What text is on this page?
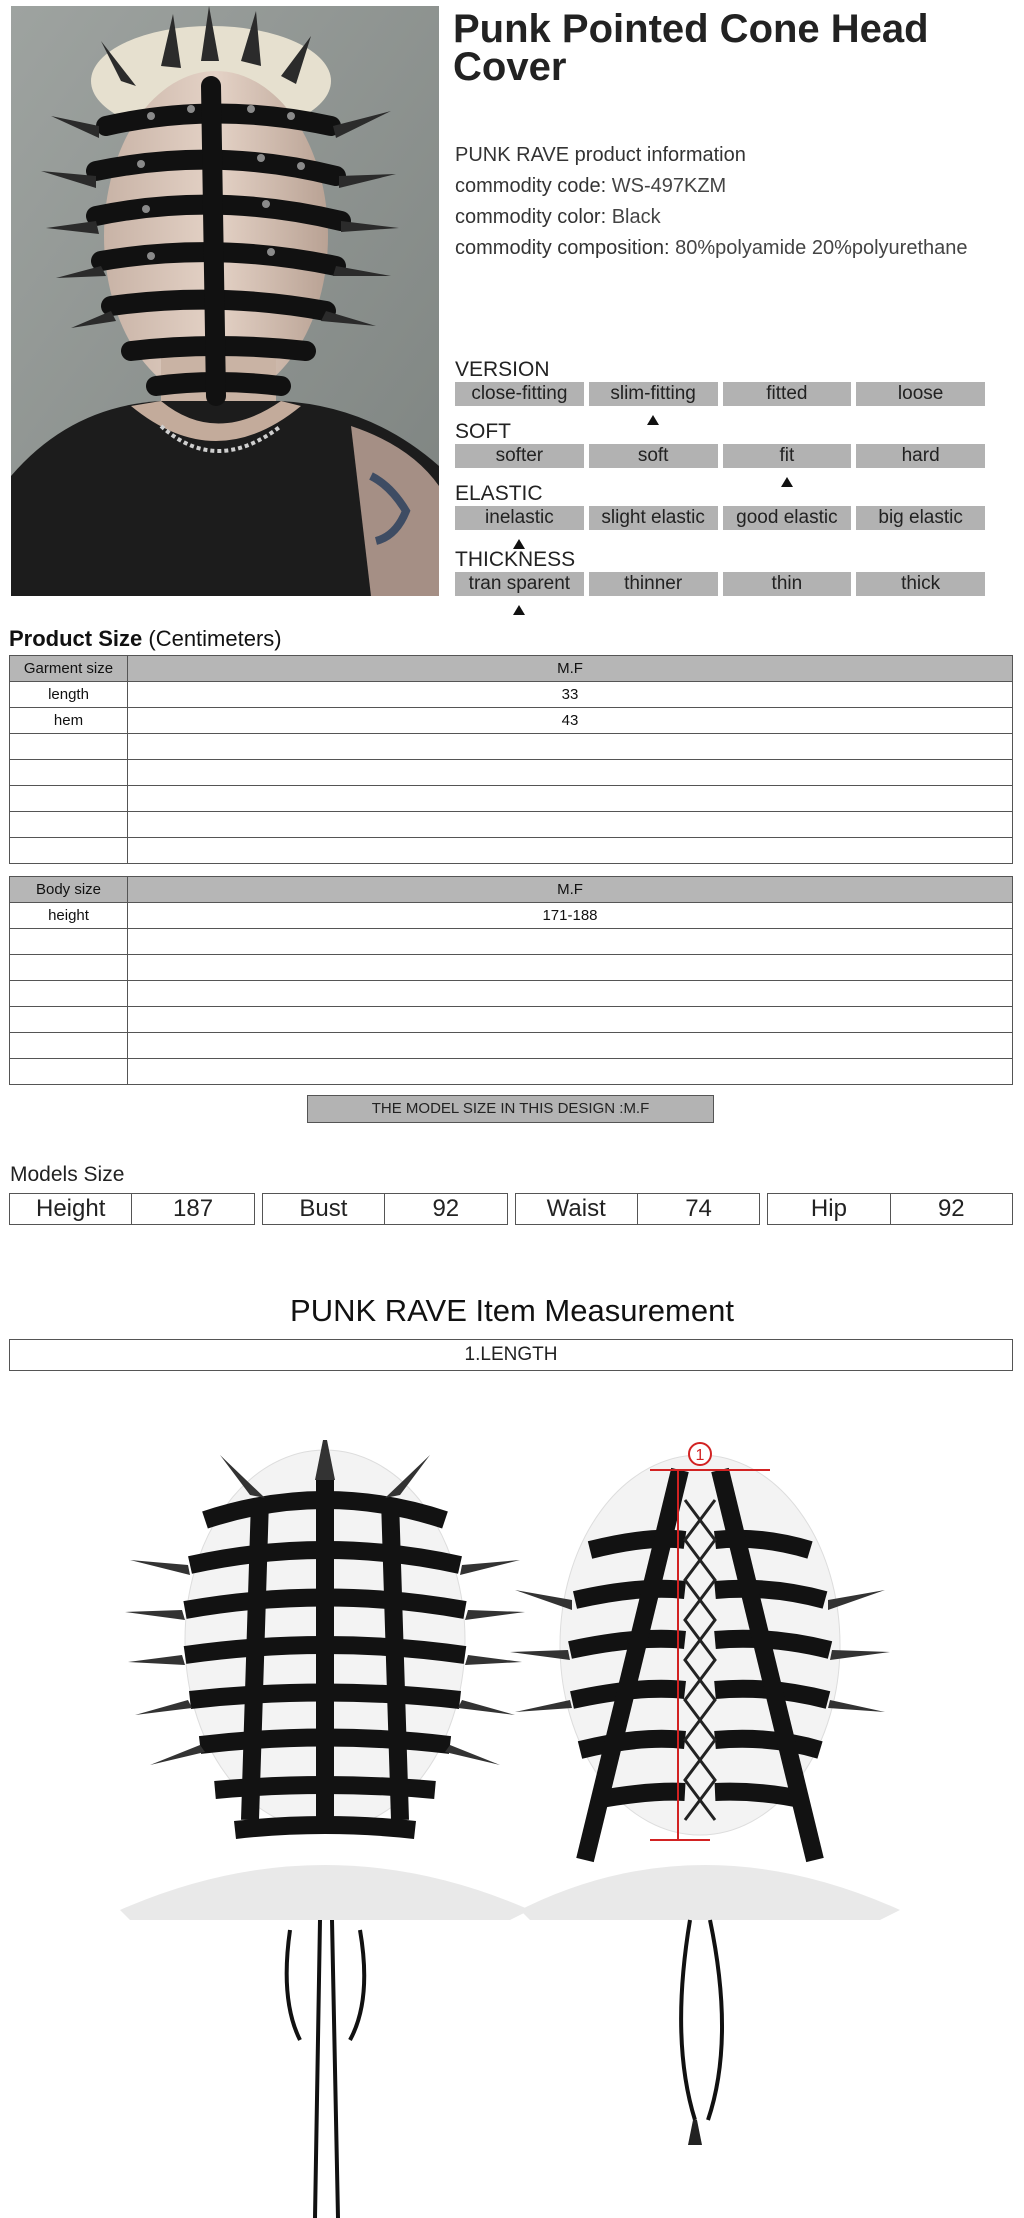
Punk Pointed Cone Head Cover
PUNK RAVE product information
commodity code: WS-497KZM
commodity color: Black
commodity composition: 80%polyamide 20%polyurethane
VERSION
close-fitting	slim-fitting	fitted	loose
SOFT
softer	soft	fit	hard
ELASTIC
inelastic	slight elastic	good elastic	big elastic
THICKNESS
tran sparent	thinner	thin	thick
Product Size (Centimeters)
Garment size	M.F
length	33
hem	43

Body size	M.F
height	171-188

THE MODEL SIZE IN THIS DESIGN :M.F
Models Size
Height	187	Bust	92	Waist	74	Hip	92
PUNK RAVE Item Measurement
1.LENGTH
1
